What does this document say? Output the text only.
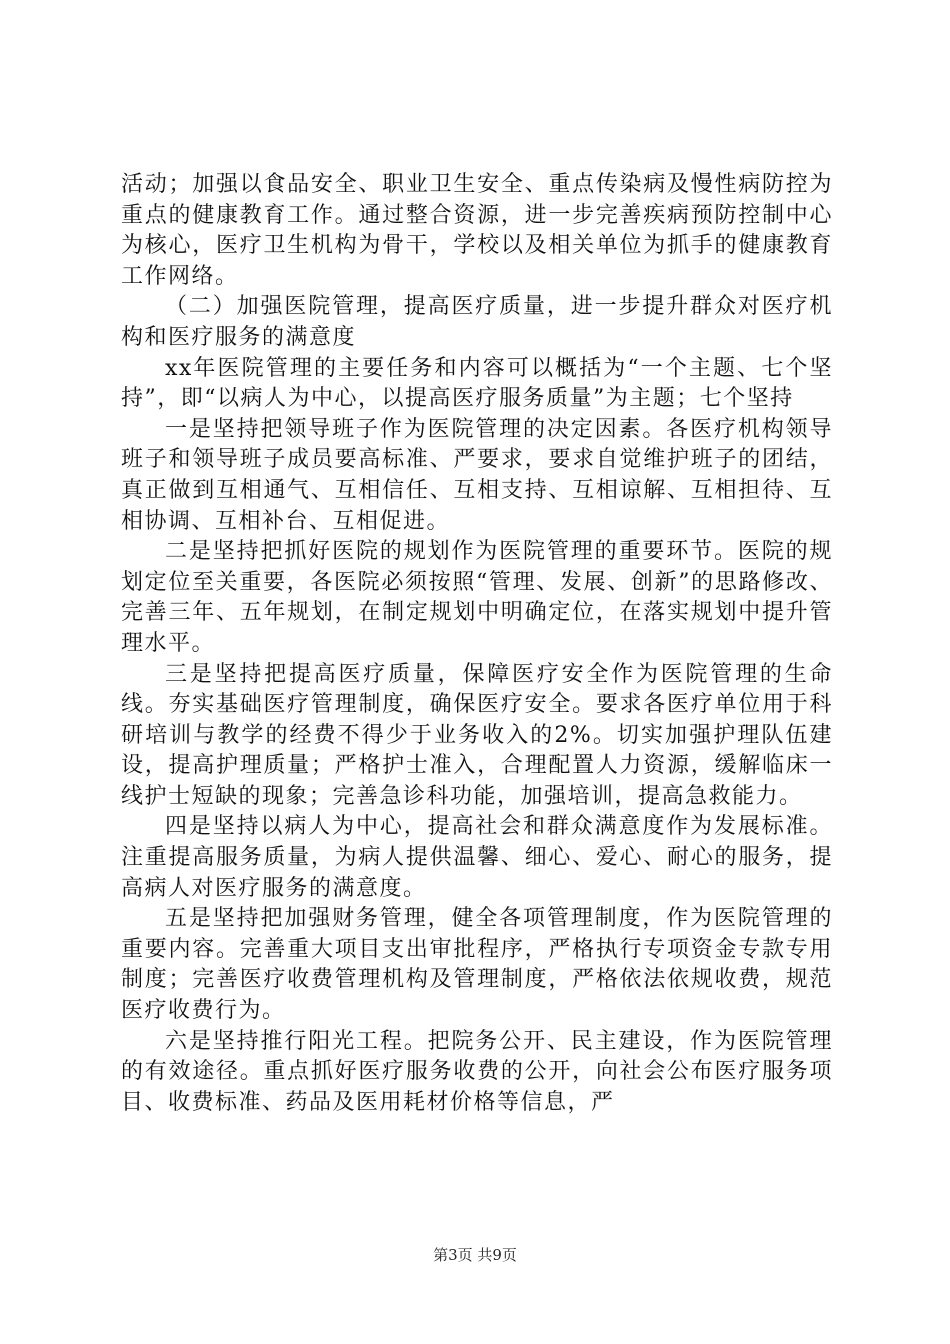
活动；加强以食品安全、职业卫生安全、重点传染病及慢性病防控为重点的健康教育工作。通过整合资源，进一步完善疾病预防控制中心为核心，医疗卫生机构为骨干，学校以及相关单位为抓手的健康教育工作网络。

（二）加强医院管理，提高医疗质量，进一步提升群众对医疗机构和医疗服务的满意度

xx年医院管理的主要任务和内容可以概括为“一个主题、七个坚持”，即“以病人为中心，以提高医疗服务质量”为主题；七个坚持

一是坚持把领导班子作为医院管理的决定因素。各医疗机构领导班子和领导班子成员要高标准、严要求，要求自觉维护班子的团结，真正做到互相通气、互相信任、互相支持、互相谅解、互相担待、互相协调、互相补台、互相促进。

二是坚持把抓好医院的规划作为医院管理的重要环节。医院的规划定位至关重要，各医院必须按照“管理、发展、创新”的思路修改、完善三年、五年规划，在制定规划中明确定位，在落实规划中提升管理水平。

三是坚持把提高医疗质量，保障医疗安全作为医院管理的生命线。夯实基础医疗管理制度，确保医疗安全。要求各医疗单位用于科研培训与教学的经费不得少于业务收入的2%。切实加强护理队伍建设，提高护理质量；严格护士准入，合理配置人力资源，缓解临床一线护士短缺的现象；完善急诊科功能，加强培训，提高急救能力。

四是坚持以病人为中心，提高社会和群众满意度作为发展标准。注重提高服务质量，为病人提供温馨、细心、爱心、耐心的服务，提高病人对医疗服务的满意度。

五是坚持把加强财务管理，健全各项管理制度，作为医院管理的重要内容。完善重大项目支出审批程序，严格执行专项资金专款专用制度；完善医疗收费管理机构及管理制度，严格依法依规收费，规范医疗收费行为。

六是坚持推行阳光工程。把院务公开、民主建设，作为医院管理的有效途径。重点抓好医疗服务收费的公开，向社会公布医疗服务项目、收费标准、药品及医用耗材价格等信息，严

第3页 共9页
